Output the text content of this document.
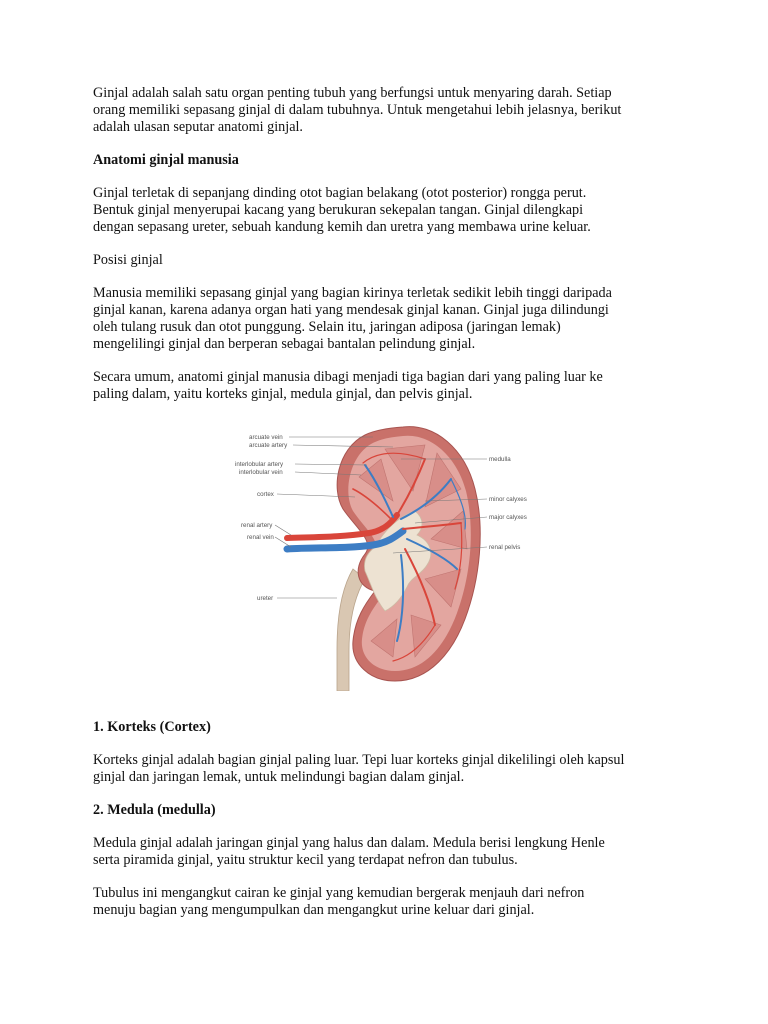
Ginjal adalah salah satu organ penting tubuh yang berfungsi untuk menyaring darah. Setiap
orang memiliki sepasang ginjal di dalam tubuhnya. Untuk mengetahui lebih jelasnya, berikut
adalah ulasan seputar anatomi ginjal.

Anatomi ginjal manusia

Ginjal terletak di sepanjang dinding otot bagian belakang (otot posterior) rongga perut.
Bentuk ginjal menyerupai kacang yang berukuran sekepalan tangan. Ginjal dilengkapi
dengan sepasang ureter, sebuah kandung kemih dan uretra yang membawa urine keluar.

Posisi ginjal

Manusia memiliki sepasang ginjal yang bagian kirinya terletak sedikit lebih tinggi daripada
ginjal kanan, karena adanya organ hati yang mendesak ginjal kanan. Ginjal juga dilindungi
oleh tulang rusuk dan otot punggung. Selain itu, jaringan adiposa (jaringan lemak)
mengelilingi ginjal dan berperan sebagai bantalan pelindung ginjal.

Secara umum, anatomi ginjal manusia dibagi menjadi tiga bagian dari yang paling luar ke
paling dalam, yaitu korteks ginjal, medula ginjal, dan pelvis ginjal.

arcuate vein
arcuate artery
interlobular artery
interlobular vein
cortex
renal artery
renal vein
ureter
medulla
minor calyxes
major calyxes
renal pelvis

1. Korteks (Cortex)

Korteks ginjal adalah bagian ginjal paling luar. Tepi luar korteks ginjal dikelilingi oleh kapsul
ginjal dan jaringan lemak, untuk melindungi bagian dalam ginjal.

2. Medula (medulla)

Medula ginjal adalah jaringan ginjal yang halus dan dalam. Medula berisi lengkung Henle
serta piramida ginjal, yaitu struktur kecil yang terdapat nefron dan tubulus.

Tubulus ini mengangkut cairan ke ginjal yang kemudian bergerak menjauh dari nefron
menuju bagian yang mengumpulkan dan mengangkut urine keluar dari ginjal.
